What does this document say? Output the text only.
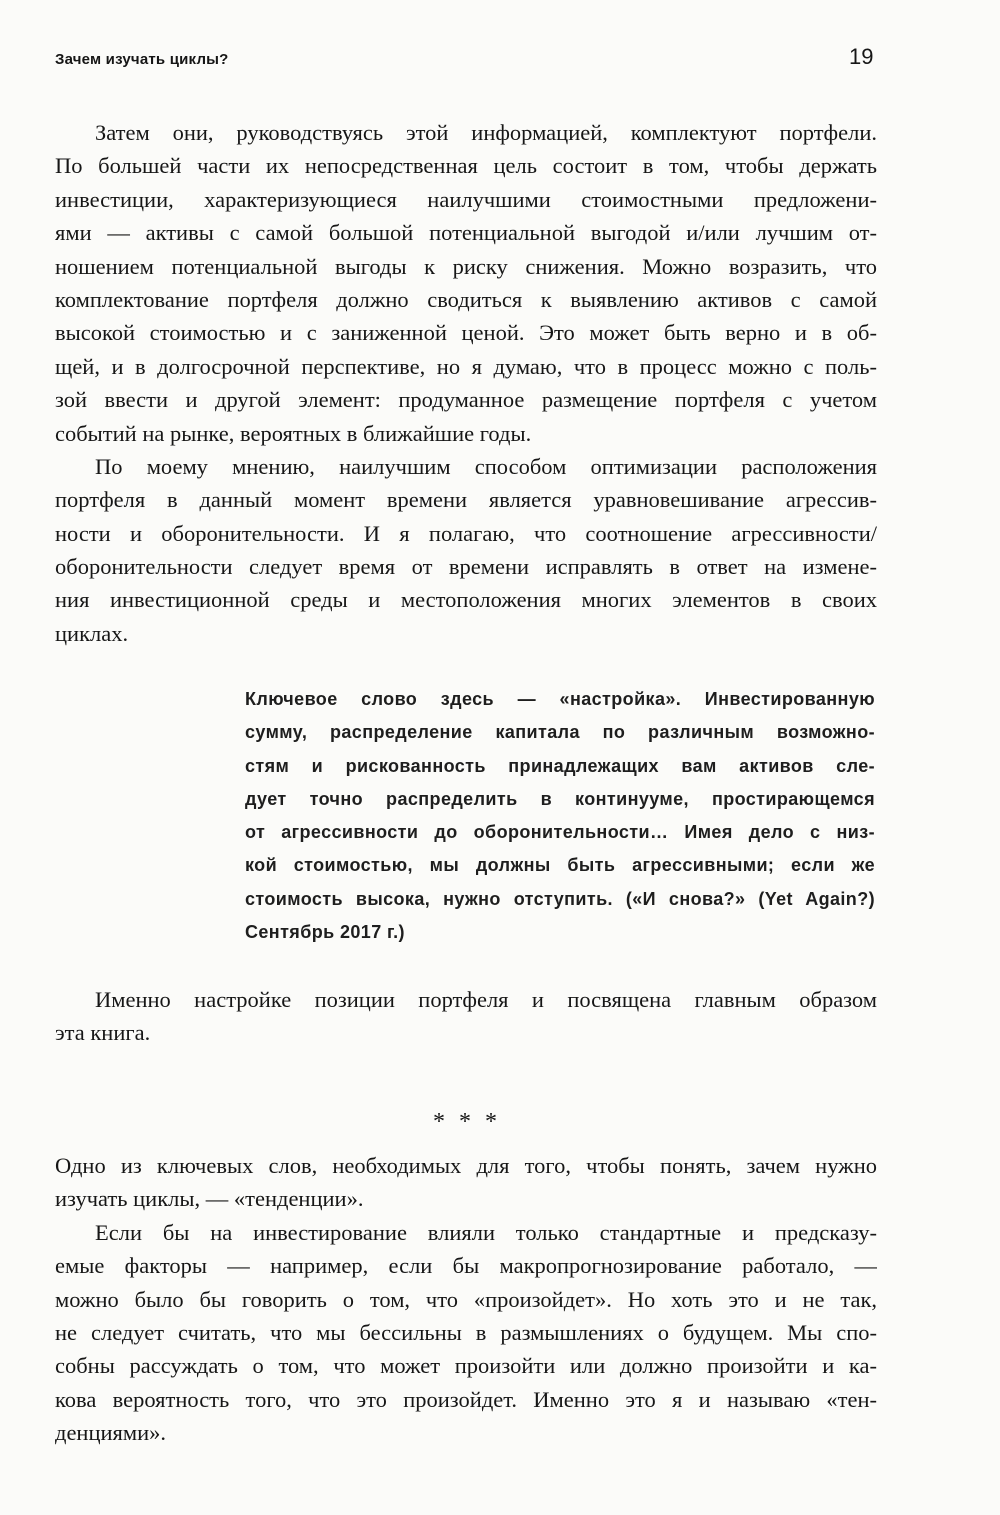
Зачем изучать циклы?	19
Затем они, руководствуясь этой информацией, комплектуют портфели.
По большей части их непосредственная цель состоит в том, чтобы держать
инвестиции, характеризующиеся наилучшими стоимостными предложени-
ями — активы с самой большой потенциальной выгодой и/или лучшим от-
ношением потенциальной выгоды к риску снижения. Можно возразить, что
комплектование портфеля должно сводиться к выявлению активов с самой
высокой стоимостью и с заниженной ценой. Это может быть верно и в об-
щей, и в долгосрочной перспективе, но я думаю, что в процесс можно с поль-
зой ввести и другой элемент: продуманное размещение портфеля с учетом
событий на рынке, вероятных в ближайшие годы.
По моему мнению, наилучшим способом оптимизации расположения
портфеля в данный момент времени является уравновешивание агрессив-
ности и оборонительности. И я полагаю, что соотношение агрессивности/
оборонительности следует время от времени исправлять в ответ на измене-
ния инвестиционной среды и местоположения многих элементов в своих
циклах.
Ключевое слово здесь — «настройка». Инвестированную
сумму, распределение капитала по различным возможно-
стям и рискованность принадлежащих вам активов сле-
дует точно распределить в континууме, простирающемся
от агрессивности до оборонительности… Имея дело с низ-
кой стоимостью, мы должны быть агрессивными; если же
стоимость высока, нужно отступить. («И снова?» (Yet Again?)
Сентябрь 2017 г.)
Именно настройке позиции портфеля и посвящена главным образом
эта книга.
* * *
Одно из ключевых слов, необходимых для того, чтобы понять, зачем нужно
изучать циклы, — «тенденции».
Если бы на инвестирование влияли только стандартные и предсказу-
емые факторы — например, если бы макропрогнозирование работало, —
можно было бы говорить о том, что «произойдет». Но хоть это и не так,
не следует считать, что мы бессильны в размышлениях о будущем. Мы спо-
собны рассуждать о том, что может произойти или должно произойти и ка-
кова вероятность того, что это произойдет. Именно это я и называю «тен-
денциями».
